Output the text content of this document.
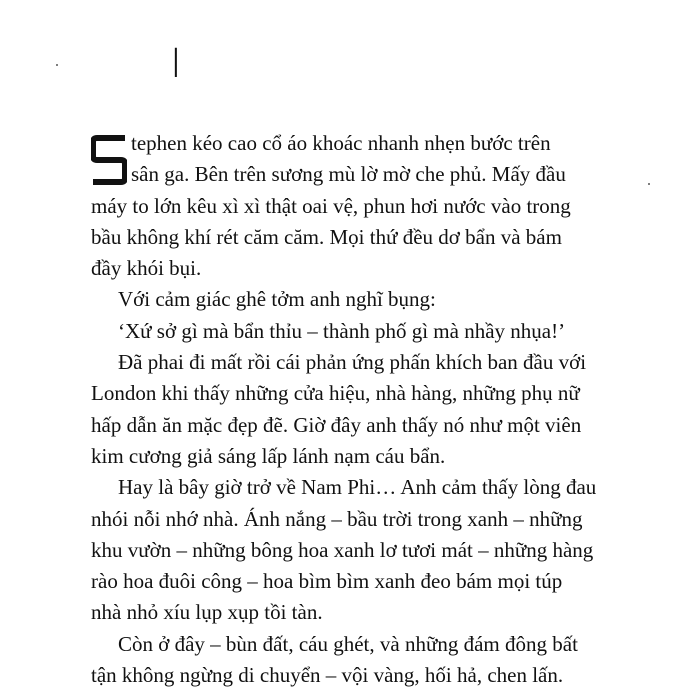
I
tephen kéo cao cổ áo khoác nhanh nhẹn bước trên
sân ga. Bên trên sương mù lờ mờ che phủ. Mấy đầu
máy to lớn kêu xì xì thật oai vệ, phun hơi nước vào trong
bầu không khí rét căm căm. Mọi thứ đều dơ bẩn và bám
đầy khói bụi.
Với cảm giác ghê tởm anh nghĩ bụng:
‘Xứ sở gì mà bẩn thỉu – thành phố gì mà nhầy nhụa!’
Đã phai đi mất rồi cái phản ứng phấn khích ban đầu với
London khi thấy những cửa hiệu, nhà hàng, những phụ nữ
hấp dẫn ăn mặc đẹp đẽ. Giờ đây anh thấy nó như một viên
kim cương giả sáng lấp lánh nạm cáu bẩn.
Hay là bây giờ trở về Nam Phi… Anh cảm thấy lòng đau
nhói nỗi nhớ nhà. Ánh nắng – bầu trời trong xanh – những
khu vườn – những bông hoa xanh lơ tươi mát – những hàng
rào hoa đuôi công – hoa bìm bìm xanh đeo bám mọi túp
nhà nhỏ xíu lụp xụp tồi tàn.
Còn ở đây – bùn đất, cáu ghét, và những đám đông bất
tận không ngừng di chuyển – vội vàng, hối hả, chen lấn.
